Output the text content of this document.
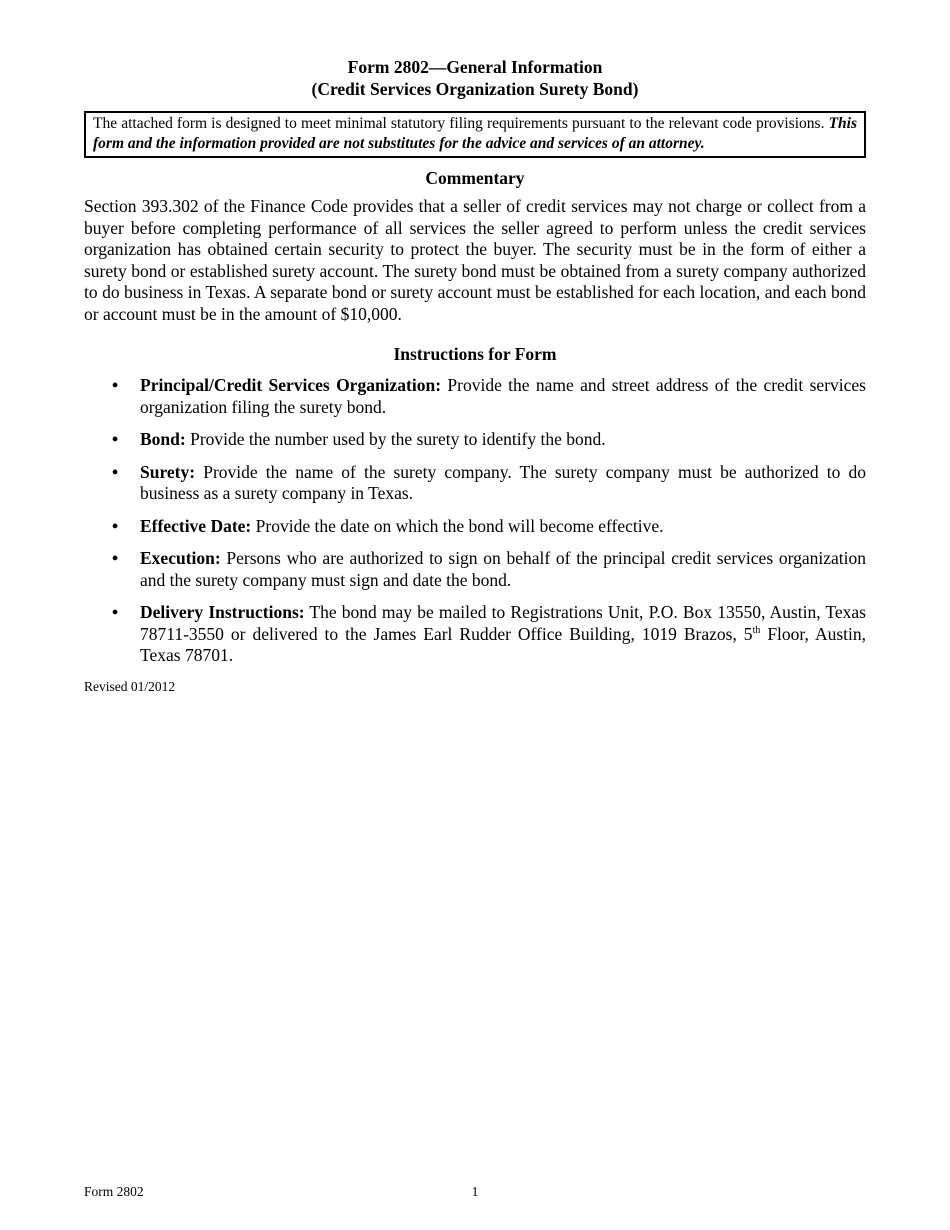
Form 2802—General Information
(Credit Services Organization Surety Bond)
The attached form is designed to meet minimal statutory filing requirements pursuant to the relevant code provisions. This form and the information provided are not substitutes for the advice and services of an attorney.
Commentary
Section 393.302 of the Finance Code provides that a seller of credit services may not charge or collect from a buyer before completing performance of all services the seller agreed to perform unless the credit services organization has obtained certain security to protect the buyer. The security must be in the form of either a surety bond or established surety account. The surety bond must be obtained from a surety company authorized to do business in Texas. A separate bond or surety account must be established for each location, and each bond or account must be in the amount of $10,000.
Instructions for Form
• Principal/Credit Services Organization: Provide the name and street address of the credit services organization filing the surety bond.
• Bond: Provide the number used by the surety to identify the bond.
• Surety: Provide the name of the surety company. The surety company must be authorized to do business as a surety company in Texas.
• Effective Date: Provide the date on which the bond will become effective.
• Execution: Persons who are authorized to sign on behalf of the principal credit services organization and the surety company must sign and date the bond.
• Delivery Instructions: The bond may be mailed to Registrations Unit, P.O. Box 13550, Austin, Texas 78711-3550 or delivered to the James Earl Rudder Office Building, 1019 Brazos, 5th Floor, Austin, Texas 78701.
Revised 01/2012
Form 2802	1
